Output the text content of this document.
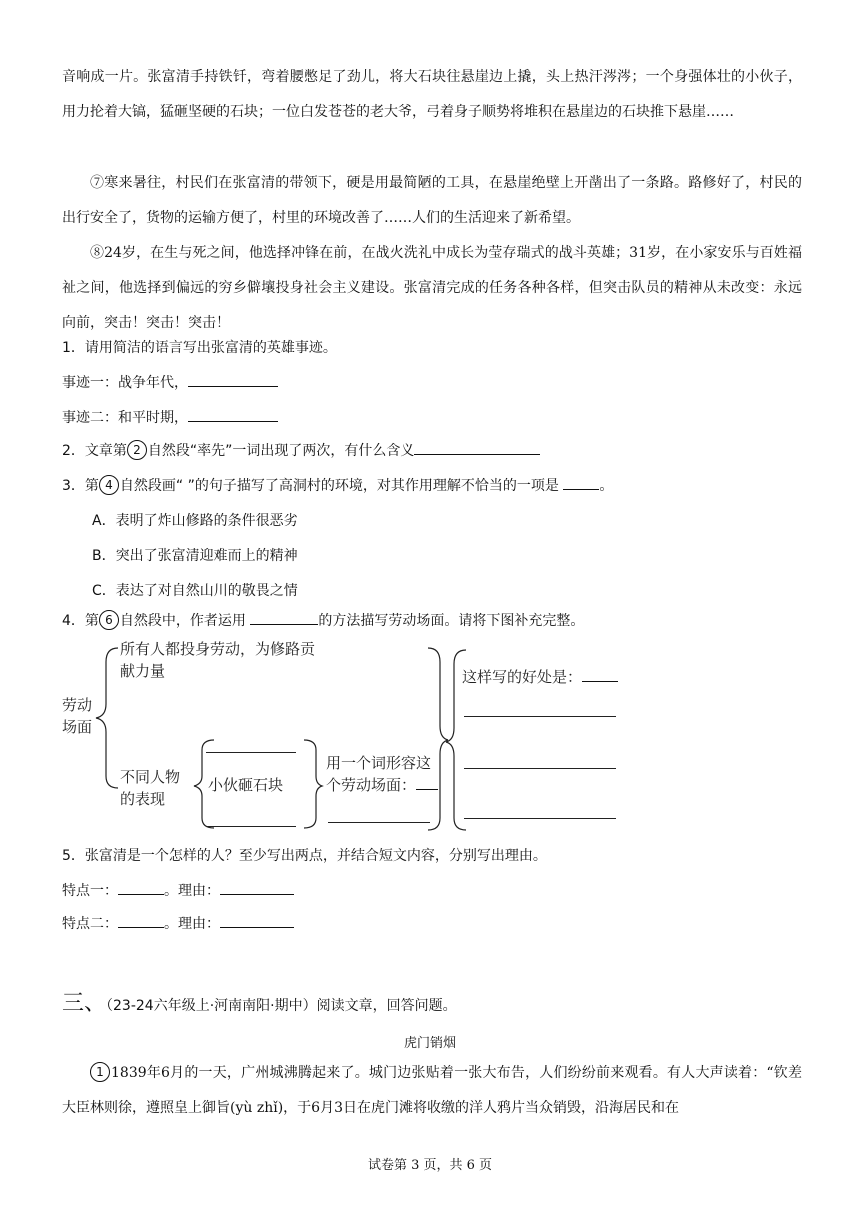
音响成一片。张富清手持铁钎，弯着腰憋足了劲儿，将大石块往悬崖边上撬，头上热汗涔涔；一个身强体壮的小伙子，用力抡着大镐，猛砸坚硬的石块；一位白发苍苍的老大爷，弓着身子顺势将堆积在悬崖边的石块推下悬崖……

⑦寒来暑往，村民们在张富清的带领下，硬是用最简陋的工具，在悬崖绝壁上开凿出了一条路。路修好了，村民的出行安全了，货物的运输方便了，村里的环境改善了……人们的生活迎来了新希望。

⑧24岁，在生与死之间，他选择冲锋在前，在战火洗礼中成长为莹存瑞式的战斗英雄；31岁，在小家安乐与百姓福祉之间，他选择到偏远的穷乡僻壤投身社会主义建设。张富清完成的任务各种各样，但突击队员的精神从未改变：永远向前，突击！突击！突击！

1．请用简洁的语言写出张富清的英雄事迹。
事迹一：战争年代，
事迹二：和平时期，
2．文章第 2 自然段“率先”一词出现了两次，有什么含义
3．第 4 自然段画“ ”的句子描写了高洞村的环境，对其作用理解不恰当的一项是	。
A．表明了炸山修路的条件很恶劣
B．突出了张富清迎难而上的精神
C．表达了对自然山川的敬畏之情
4．第 6 自然段中，作者运用	的方法描写劳动场面。请将下图补充完整。
劳动
场面
所有人都投身劳动，为修路贡
献力量
不同人物
的表现
小伙砸石块
用一个词形容这
个劳动场面：
这样写的好处是：
5．张富清是一个怎样的人？至少写出两点，并结合短文内容，分别写出理由。
特点一：	。理由：
特点二：	。理由：
三、（23-24六年级上·河南南阳·期中）阅读文章，回答问题。
虎门销烟

1 1839年6月的一天，广州城沸腾起来了。城门边张贴着一张大布告，人们纷纷前来观看。有人大声读着：“钦差大臣林则徐，遵照皇上御旨(yù zhǐ)，于6月3日在虎门滩将收缴的洋人鸦片当众销毁，沿海居民和在

试卷第 3 页，共 6 页
